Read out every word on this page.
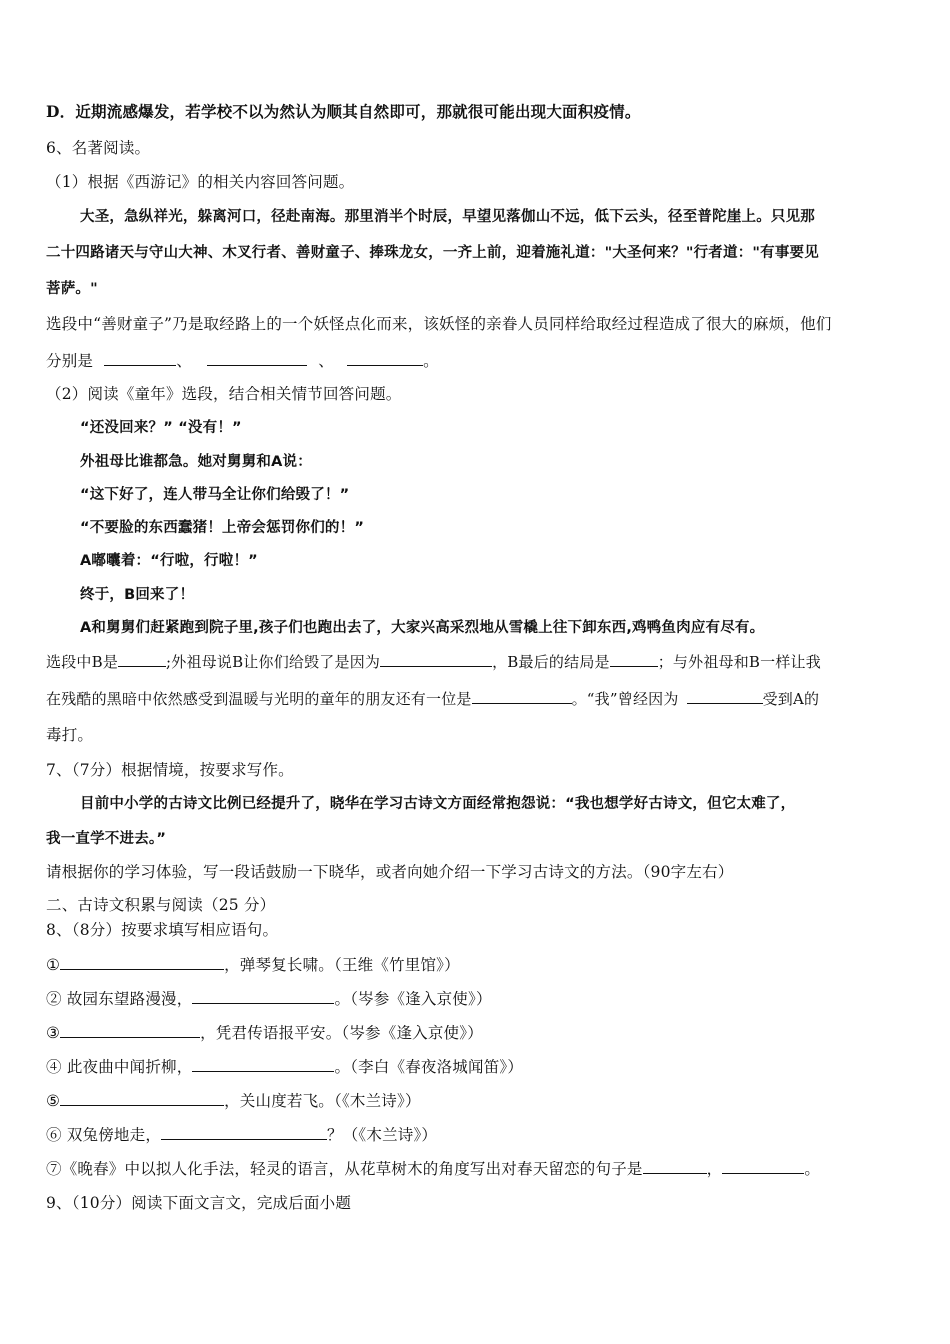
D．近期流感爆发，若学校不以为然认为顺其自然即可，那就很可能出现大面积疫情。
6、名著阅读。
（1）根据《西游记》的相关内容回答问题。
大圣，急纵祥光，躲离河口，径赴南海。那里消半个时辰，早望见落伽山不远，低下云头，径至普陀崖上。只见那
二十四路诸天与守山大神、木叉行者、善财童子、捧珠龙女，一齐上前，迎着施礼道："大圣何来？"行者道："有事要见
菩萨。"
选段中“善财童子”乃是取经路上的一个妖怪点化而来，该妖怪的亲眷人员同样给取经过程造成了很大的麻烦，他们
分别是	、	、	。
（2）阅读《童年》选段，结合相关情节回答问题。
“还没回来？” “没有！”
外祖母比谁都急。她对舅舅和A说：
“这下好了，连人带马全让你们给毁了！”
“不要脸的东西蠢猪！上帝会惩罚你们的！”
A嘟囔着：“行啦，行啦！”
终于，B回来了！
A和舅舅们赶紧跑到院子里,孩子们也跑出去了，大家兴高采烈地从雪橇上往下卸东西,鸡鸭鱼肉应有尽有。
选段中B是	;外祖母说B让你们给毁了是因为	，B最后的结局是	；与外祖母和B一样让我
在残酷的黑暗中依然感受到温暖与光明的童年的朋友还有一位是	。“我”曾经因为	受到A的
毒打。
7、（7分）根据情境，按要求写作。
目前中小学的古诗文比例已经提升了，晓华在学习古诗文方面经常抱怨说：“我也想学好古诗文，但它太难了，
我一直学不进去。”
请根据你的学习体验，写一段话鼓励一下晓华，或者向她介绍一下学习古诗文的方法。（90字左右）
二、古诗文积累与阅读（25 分）
8、（8分）按要求填写相应语句。
①	，弹琴复长啸。（王维《竹里馆》）
② 故园东望路漫漫，	。（岑参《逢入京使》）
③	，凭君传语报平安。（岑参《逢入京使》）
④ 此夜曲中闻折柳，	。（李白《春夜洛城闻笛》）
⑤	，关山度若飞。（《木兰诗》）
⑥ 双兔傍地走，	？（《木兰诗》）
⑦《晚春》中以拟人化手法，轻灵的语言，从花草树木的角度写出对春天留恋的句子是	，	。
9、（10分）阅读下面文言文，完成后面小题
